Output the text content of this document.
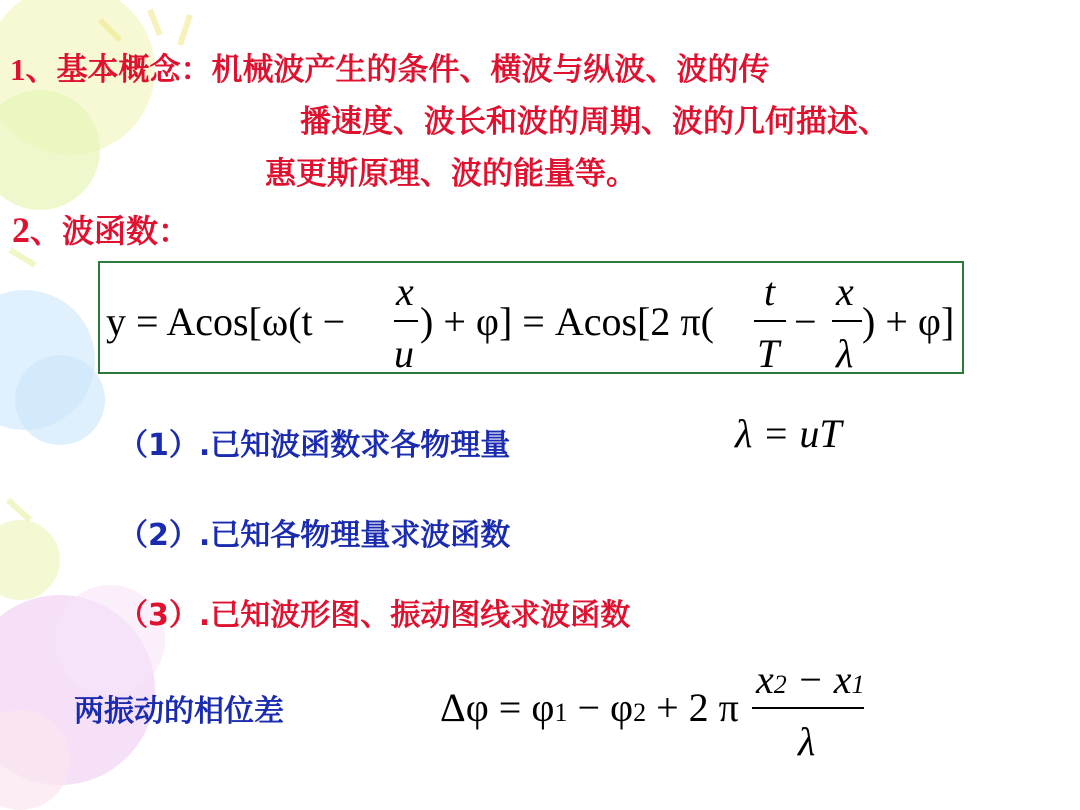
1、基本概念：机械波产生的条件、横波与纵波、波的传
播速度、波长和波的周期、波的几何描述、
惠更斯原理、波的能量等。
2、波函数：
y = Acos[ω(t −
x
u
) + φ] = Acos[2 π(
t
T
−
x
λ
) + φ]
（1）.已知波函数求各物理量	λ = uT
（2）.已知各物理量求波函数
（3）.已知波形图、振动图线求波函数
两振动的相位差	Δφ = φ1 − φ2 + 2 π
x2 − x1
λ
